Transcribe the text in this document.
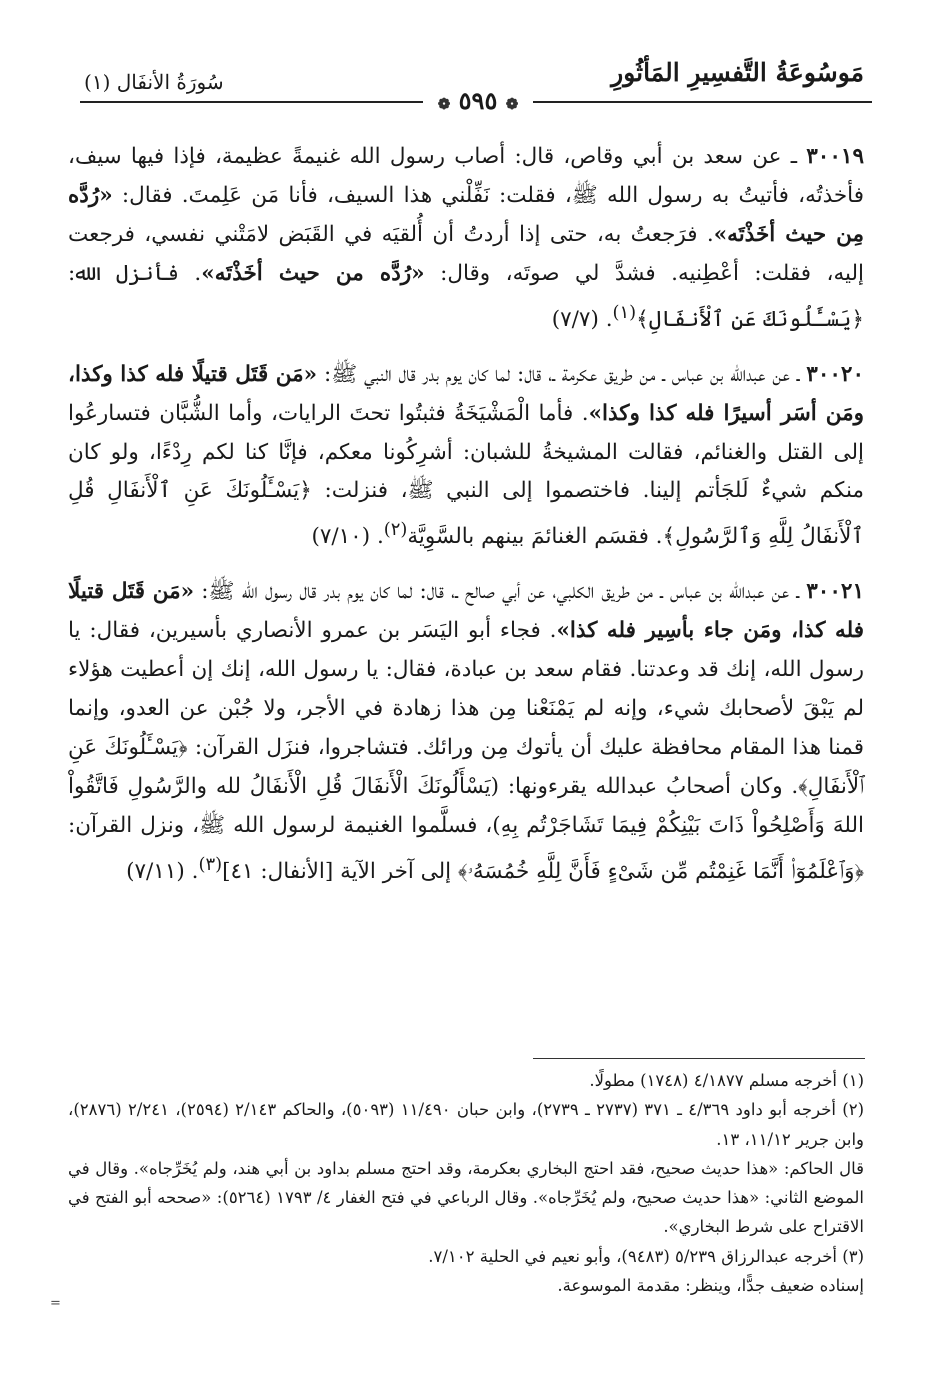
مَوسُوعَةُ التَّفسِيرِ المَأثُورِ
سُورَةُ الأنفَال (١)
❁ ٥٩٥ ❁

٣٠٠١٩ ـ عن سعد بن أبي وقاص، قال: أصاب رسول الله غنيمةً عظيمة، فإذا فيها سيف، فأخذتُه، فأتيتُ به رسول الله ﷺ، فقلت: نَفِّلْني هذا السيف، فأنا مَن عَلِمتَ. فقال: «رُدَّه مِن حيث أخَذْتَه». فرَجعتُ به، حتى إذا أردتُ أن أُلقيَه في القَبَض لامَتْني نفسي، فرجعت إليه، فقلت: أعْطِنيه. فشدَّ لي صوتَه، وقال: «رُدَّه من حيث أخَذْتَه». فأنزل الله: ﴿يَسْـَٔلُونَكَ عَنِ ٱلْأَنفَالِ﴾$^{(١)}$. (٧/٧)

٣٠٠٢٠ ـ عن عبدالله بن عباس ـ من طريق عكرمة ـ، قال: لما كان يوم بدر قال النبي ﷺ: «مَن قَتَل قتيلًا فله كذا وكذا، ومَن أسَر أسيرًا فله كذا وكذا». فأما الْمَشْيَخَةُ فثبتُوا تحتَ الرايات، وأما الشُّبَّان فتسارعُوا إلى القتل والغنائم، فقالت المشيخةُ للشبان: أشرِكُونا معكم، فإنَّا كنا لكم رِدْءًا، ولو كان منكم شيءٌ لَلجَأتم إلينا. فاختصموا إلى النبي ﷺ، فنزلت: ﴿يَسْـَٔلُونَكَ عَنِ ٱلْأَنفَالِ قُلِ ٱلْأَنفَالُ لِلَّهِ وَٱلرَّسُولِ﴾. فقسَم الغنائمَ بينهم بالسَّوِيَّة$^{(٢)}$. (٧/١٠)

٣٠٠٢١ ـ عن عبدالله بن عباس ـ من طريق الكلبي، عن أبي صالح ـ، قال: لما كان يوم بدر قال رسول الله ﷺ: «مَن قَتَل قتيلًا فله كذا، ومَن جاء بأسِير فله كذا». فجاء أبو اليَسَر بن عمرو الأنصاري بأسيرين، فقال: يا رسول الله، إنك قد وعدتنا. فقام سعد بن عبادة، فقال: يا رسول الله، إنك إن أعطيت هؤلاء لم يَبْقَ لأصحابك شيء، وإنه لم يَمْنَعْنا مِن هذا زهادة في الأجر، ولا جُبْن عن العدو، وإنما قمنا هذا المقام محافظة عليك أن يأتوك مِن ورائك. فتشاجروا، فنزَل القرآن: ﴿يَسْـَٔلُونَكَ عَنِ ٱلْأَنفَالِ﴾. وكان أصحابُ عبدالله يقرءونها: (يَسْأَلُونَكَ الْأَنفَالَ قُلِ الْأَنفَالُ لله والرَّسُولِ فَاتَّقُواْ اللهَ وَأَصْلِحُواْ ذَاتَ بَيْنِكُمْ فِيمَا تَشَاجَرْتُم بِهِ)، فسلَّموا الغنيمة لرسول الله ﷺ، ونزل القرآن: ﴿وَٱعْلَمُوٓا۟ أَنَّمَا غَنِمْتُم مِّن شَىْءٍ فَأَنَّ لِلَّهِ خُمُسَهُۥ﴾ إلى آخر الآية [الأنفال: ٤١]$^{(٣)}$. (٧/١١)

(١) أخرجه مسلم ٤/١٨٧٧ (١٧٤٨) مطولًا.

(٢) أخرجه أبو داود ٤/٣٦٩ ـ ٣٧١ (٢٧٣٧ ـ ٢٧٣٩)، وابن حبان ١١/٤٩٠ (٥٠٩٣)، والحاكم ٢/١٤٣ (٢٥٩٤)، ٢/٢٤١ (٢٨٧٦)، وابن جرير ١١/١٢، ١٣.

قال الحاكم: «هذا حديث صحيح، فقد احتج البخاري بعكرمة، وقد احتج مسلم بداود بن أبي هند، ولم يُخَرِّجاه». وقال في الموضع الثاني: «هذا حديث صحيح، ولم يُخَرِّجاه». وقال الرباعي في فتح الغفار ٤/ ١٧٩٣ (٥٢٦٤): «صححه أبو الفتح في الاقتراح على شرط البخاري».

(٣) أخرجه عبدالرزاق ٥/٢٣٩ (٩٤٨٣)، وأبو نعيم في الحلية ٧/١٠٢.

إسناده ضعيف جدًّا، وينظر: مقدمة الموسوعة.

=
